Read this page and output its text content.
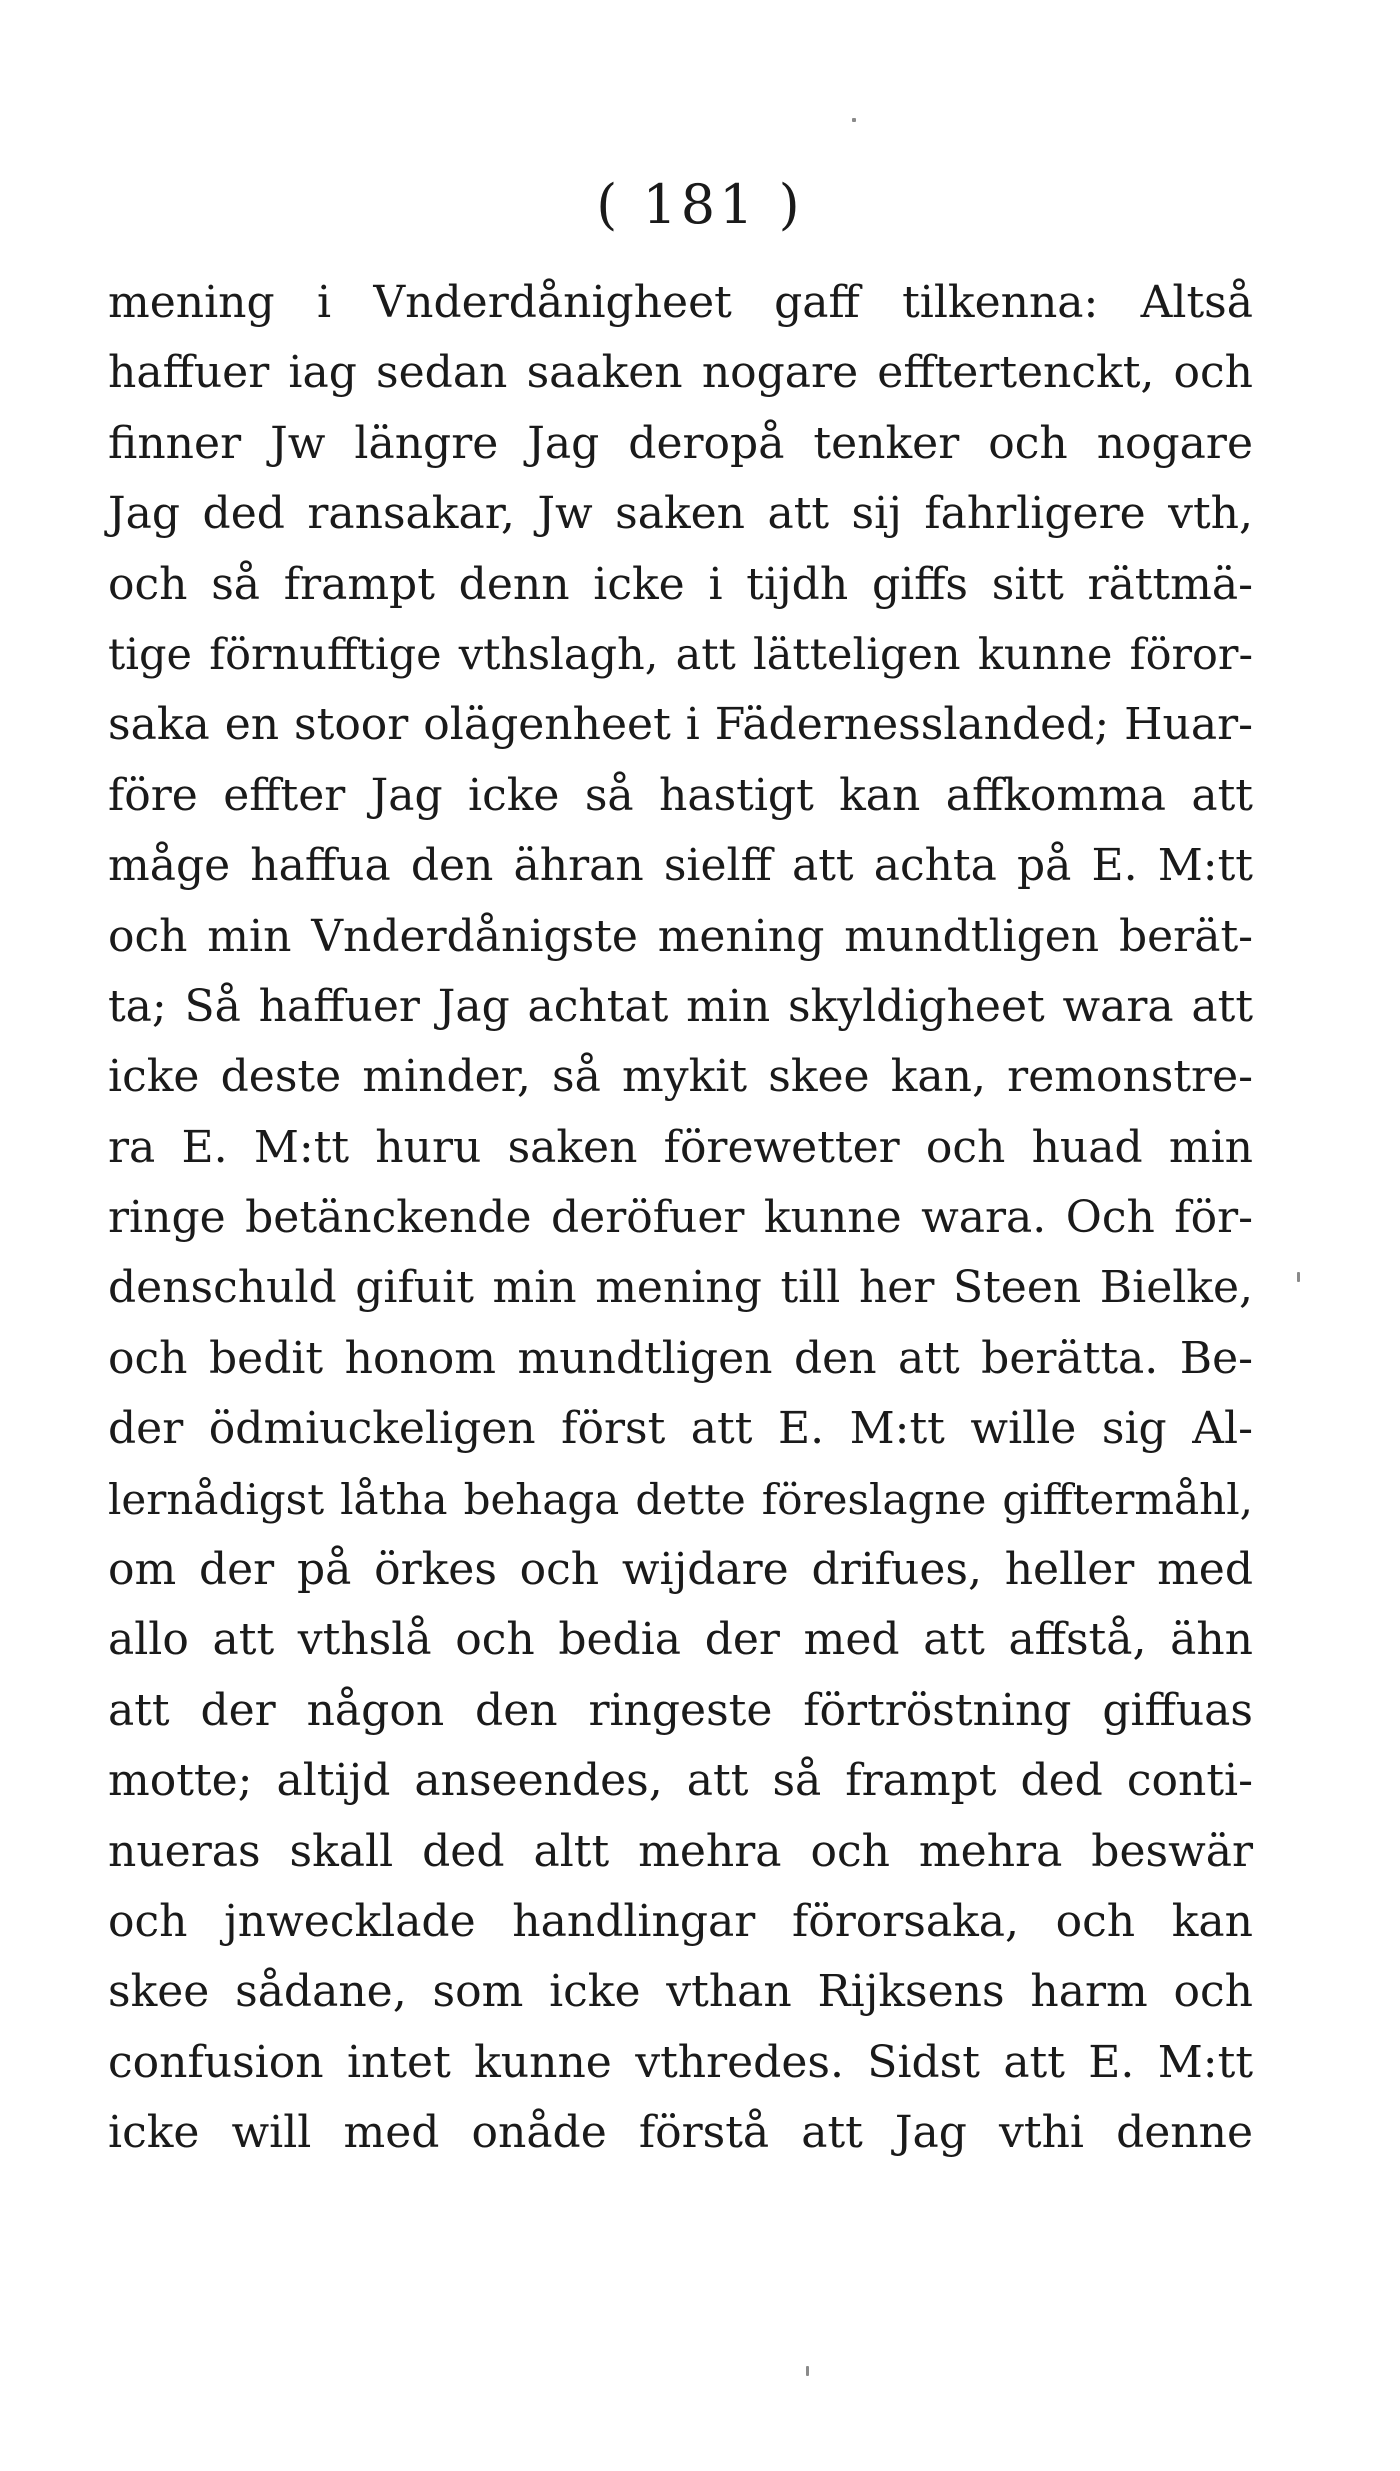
( 181 )
mening i Vnderdånigheet gaff tilkenna: Altså
haffuer iag sedan saaken nogare efftertenckt, och
finner Jw längre Jag deropå tenker och nogare
Jag ded ransakar, Jw saken att sij fahrligere vth,
och så frampt denn icke i tijdh giffs sitt rättmä-
tige förnufftige vthslagh, att lätteligen kunne föror-
saka en stoor olägenheet i Fädernesslanded; Huar-
före effter Jag icke så hastigt kan affkomma att
måge haffua den ähran sielff att achta på E. M:tt
och min Vnderdånigste mening mundtligen berät-
ta; Så haffuer Jag achtat min skyldigheet wara att
icke deste minder, så mykit skee kan, remonstre-
ra E. M:tt huru saken förewetter och huad min
ringe betänckende deröfuer kunne wara. Och för-
denschuld gifuit min mening till her Steen Bielke,
och bedit honom mundtligen den att berätta. Be-
der ödmiuckeligen först att E. M:tt wille sig Al-
lernådigst låtha behaga dette föreslagne gifftermåhl,
om der på örkes och wijdare drifues, heller med
allo att vthslå och bedia der med att affstå, ähn
att der någon den ringeste förtröstning giffuas
motte; altijd anseendes, att så frampt ded conti-
nueras skall ded altt mehra och mehra beswär
och jnwecklade handlingar förorsaka, och kan
skee sådane, som icke vthan Rijksens harm och
confusion intet kunne vthredes. Sidst att E. M:tt
icke will med onåde förstå att Jag vthi denne
